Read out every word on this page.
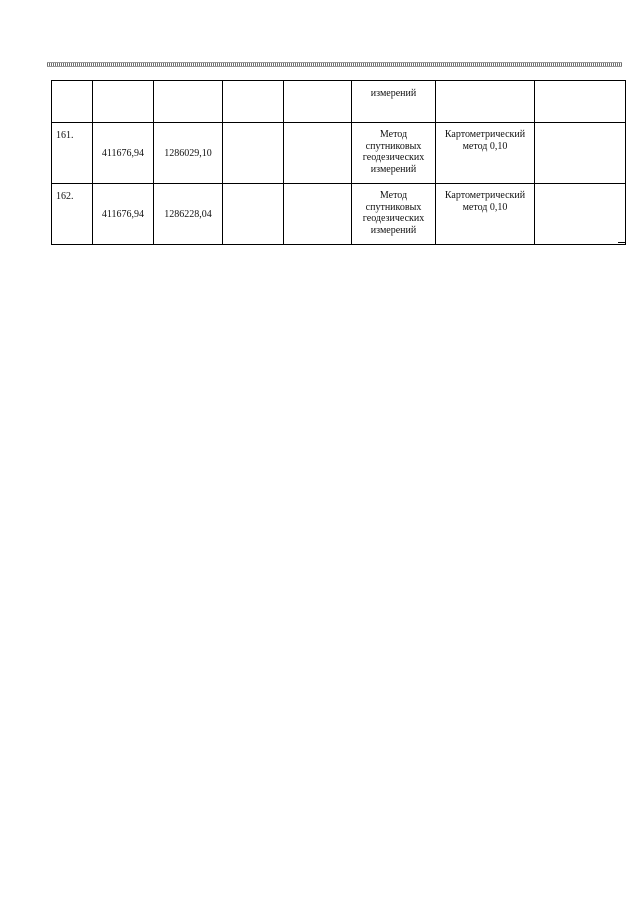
					измерений		
161.	411676,94	1286029,10			Метод спутниковых геодезических измерений	Картометрический метод 0,10	
162.	411676,94	1286228,04			Метод спутниковых геодезических измерений	Картометрический метод 0,10	
